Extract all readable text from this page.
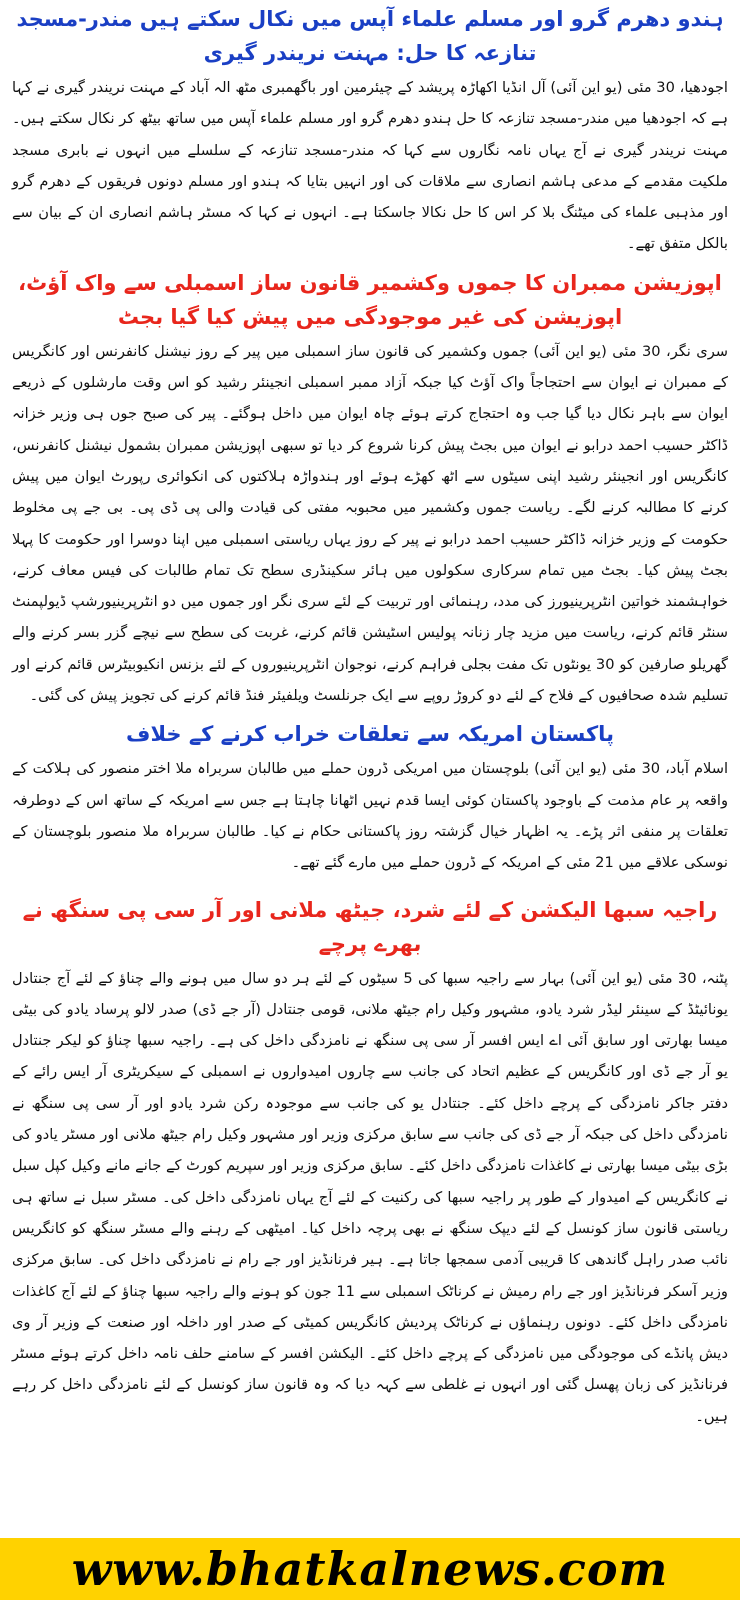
ہندو دھرم گرو اور مسلم علماء آپس میں نکال سکتے ہیں مندر-مسجد تنازعہ کا حل: مہنت نریندر گیری

اجودھیا، 30 مئی (یو این آئی) آل انڈیا اکھاڑہ پریشد کے چیئرمین اور باگھمبری مٹھ الہ آباد کے مہنت نریندر گیری نے کہا ہے کہ اجودھیا میں مندر-مسجد تنازعہ کا حل ہندو دھرم گرو اور مسلم علماء آپس میں ساتھ بیٹھ کر نکال سکتے ہیں۔ مہنت نریندر گیری نے آج یہاں نامہ نگاروں سے کہا کہ مندر-مسجد تنازعہ کے سلسلے میں انہوں نے بابری مسجد ملکیت مقدمے کے مدعی ہاشم انصاری سے ملاقات کی اور انہیں بتایا کہ ہندو اور مسلم دونوں فریقوں کے دھرم گرو اور مذہبی علماء کی میٹنگ بلا کر اس کا حل نکالا جاسکتا ہے۔ انہوں نے کہا کہ مسٹر ہاشم انصاری ان کے بیان سے بالکل متفق تھے۔

اپوزیشن ممبران کا جموں وکشمیر قانون ساز اسمبلی سے واک آؤٹ، اپوزیشن کی غیر موجودگی میں پیش کیا گیا بجٹ

سری نگر، 30 مئی (یو این آئی) جموں وکشمیر کی قانون ساز اسمبلی میں پیر کے روز نیشنل کانفرنس اور کانگریس کے ممبران نے ایوان سے احتجاجاً واک آؤٹ کیا جبکہ آزاد ممبر اسمبلی انجینئر رشید کو اس وقت مارشلوں کے ذریعے ایوان سے باہر نکال دیا گیا جب وہ احتجاج کرتے ہوئے چاہ ایوان میں داخل ہوگئے۔ پیر کی صبح جوں ہی وزیر خزانہ ڈاکٹر حسیب احمد درابو نے ایوان میں بجٹ پیش کرنا شروع کر دیا تو سبھی اپوزیشن ممبران بشمول نیشنل کانفرنس، کانگریس اور انجینئر رشید اپنی سیٹوں سے اٹھ کھڑے ہوئے اور ہندواڑہ ہلاکتوں کی انکوائری رپورٹ ایوان میں پیش کرنے کا مطالبہ کرنے لگے۔ ریاست جموں وکشمیر میں محبوبہ مفتی کی قیادت والی پی ڈی پی۔ بی جے پی مخلوط حکومت کے وزیر خزانہ ڈاکٹر حسیب احمد درابو نے پیر کے روز یہاں ریاستی اسمبلی میں اپنا دوسرا اور حکومت کا پہلا بجٹ پیش کیا۔ بجٹ میں تمام سرکاری سکولوں میں ہائر سکینڈری سطح تک تمام طالبات کی فیس معاف کرنے، خواہشمند خواتین انٹرپرینیورز کی مدد، رہنمائی اور تربیت کے لئے سری نگر اور جموں میں دو انٹرپرینیورشپ ڈیولپمنٹ سنٹر قائم کرنے، ریاست میں مزید چار زنانہ پولیس اسٹیشن قائم کرنے، غربت کی سطح سے نیچے گزر بسر کرنے والے گھریلو صارفین کو 30 یونٹوں تک مفت بجلی فراہم کرنے، نوجوان انٹرپرینیوروں کے لئے بزنس انکیوبیٹرس قائم کرنے اور تسلیم شدہ صحافیوں کے فلاح کے لئے دو کروڑ روپے سے ایک جرنلسٹ ویلفیئر فنڈ قائم کرنے کی تجویز پیش کی گئی۔

پاکستان امریکہ سے تعلقات خراب کرنے کے خلاف

اسلام آباد، 30 مئی (یو این آئی) بلوچستان میں امریکی ڈرون حملے میں طالبان سربراہ ملا اختر منصور کی ہلاکت کے واقعہ پر عام مذمت کے باوجود پاکستان کوئی ایسا قدم نہیں اٹھانا چاہتا ہے جس سے امریکہ کے ساتھ اس کے دوطرفہ تعلقات پر منفی اثر پڑے۔ یہ اظہار خیال گزشتہ روز پاکستانی حکام نے کیا۔ طالبان سربراہ ملا منصور بلوچستان کے نوسکی علاقے میں 21 مئی کے امریکہ کے ڈرون حملے میں مارے گئے تھے۔

راجیہ سبھا الیکشن کے لئے شرد، جیٹھ ملانی اور آر سی پی سنگھ نے بھرے پرچے

پٹنہ، 30 مئی (یو این آئی) بہار سے راجیہ سبھا کی 5 سیٹوں کے لئے ہر دو سال میں ہونے والے چناؤ کے لئے آج جنتادل یونائیٹڈ کے سینئر لیڈر شرد یادو، مشہور وکیل رام جیٹھ ملانی، قومی جنتادل (آر جے ڈی) صدر لالو پرساد یادو کی بیٹی میسا بھارتی اور سابق آئی اے ایس افسر آر سی پی سنگھ نے نامزدگی داخل کی ہے۔ راجیہ سبھا چناؤ کو لیکر جنتادل یو آر جے ڈی اور کانگریس کے عظیم اتحاد کی جانب سے چاروں امیدواروں نے اسمبلی کے سیکریٹری آر ایس رائے کے دفتر جاکر نامزدگی کے پرچے داخل کئے۔ جنتادل یو کی جانب سے موجودہ رکن شرد یادو اور آر سی پی سنگھ نے نامزدگی داخل کی جبکہ آر جے ڈی کی جانب سے سابق مرکزی وزیر اور مشہور وکیل رام جیٹھ ملانی اور مسٹر یادو کی بڑی بیٹی میسا بھارتی نے کاغذات نامزدگی داخل کئے۔ سابق مرکزی وزیر اور سپریم کورٹ کے جانے مانے وکیل کپل سبل نے کانگریس کے امیدوار کے طور پر راجیہ سبھا کی رکنیت کے لئے آج یہاں نامزدگی داخل کی۔ مسٹر سبل نے ساتھ ہی ریاستی قانون ساز کونسل کے لئے دیپک سنگھ نے بھی پرچہ داخل کیا۔ امیٹھی کے رہنے والے مسٹر سنگھ کو کانگریس نائب صدر راہل گاندھی کا قریبی آدمی سمجھا جاتا ہے۔ ہیر فرنانڈیز اور جے رام نے نامزدگی داخل کی۔ سابق مرکزی وزیر آسکر فرنانڈیز اور جے رام رمیش نے کرناٹک اسمبلی سے 11 جون کو ہونے والے راجیہ سبھا چناؤ کے لئے آج کاغذات نامزدگی داخل کئے۔ دونوں رہنماؤں نے کرناٹک پردیش کانگریس کمیٹی کے صدر اور داخلہ اور صنعت کے وزیر آر وی دیش پانڈے کی موجودگی میں نامزدگی کے پرچے داخل کئے۔ الیکشن افسر کے سامنے حلف نامہ داخل کرتے ہوئے مسٹر فرنانڈیز کی زبان پھسل گئی اور انہوں نے غلطی سے کہہ دیا کہ وہ قانون ساز کونسل کے لئے نامزدگی داخل کر رہے ہیں۔

www.bhatkalnews.com
